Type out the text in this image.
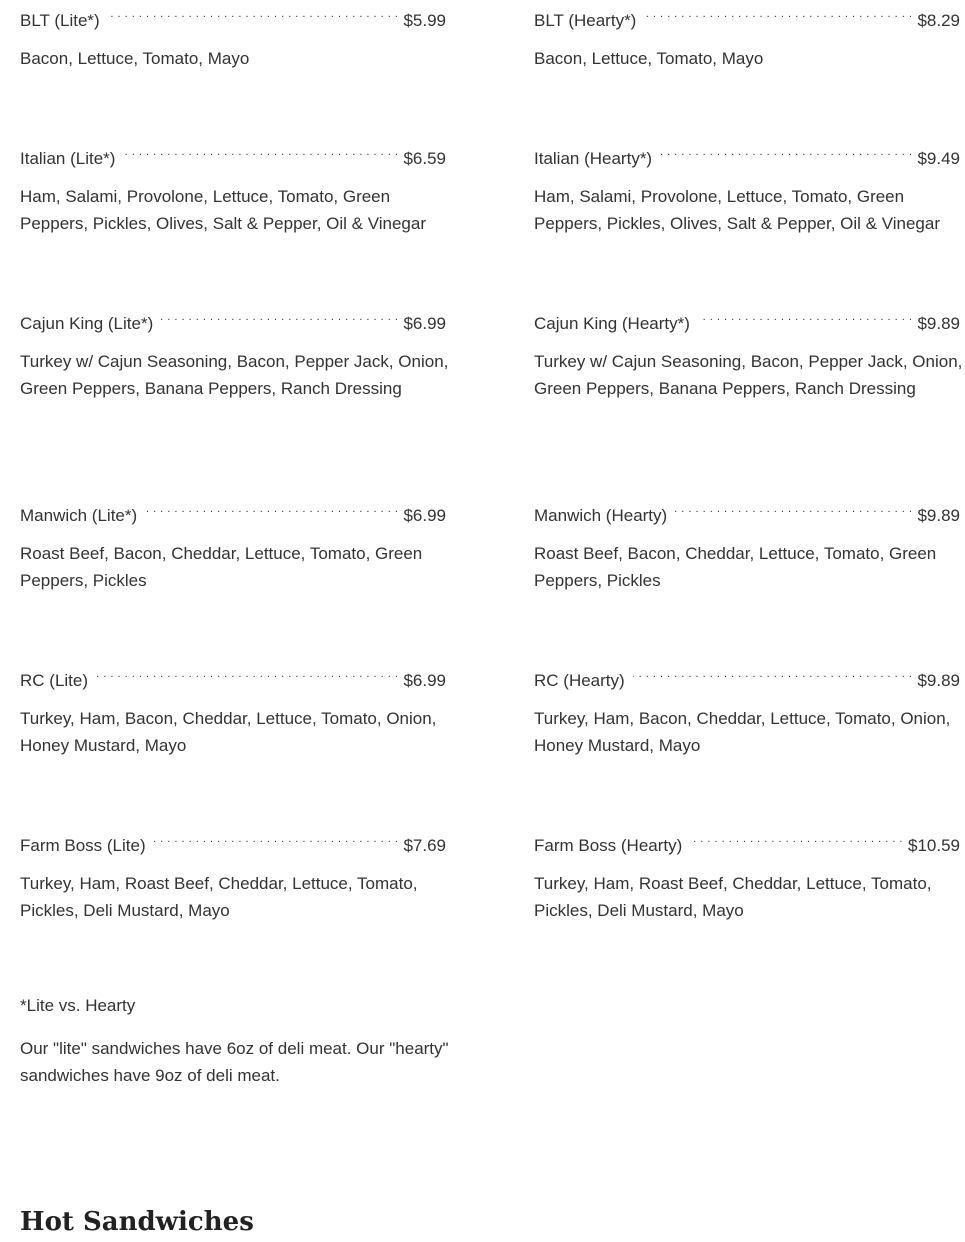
BLT (Lite*) . . .	$5.99
Bacon, Lettuce, Tomato, Mayo
Italian (Lite*) . . .	$6.59
Ham, Salami, Provolone, Lettuce, Tomato, Green Peppers, Pickles, Olives, Salt & Pepper, Oil & Vinegar
Cajun King (Lite*) . . .	$6.99
Turkey w/ Cajun Seasoning, Bacon, Pepper Jack, Onion, Green Peppers, Banana Peppers, Ranch Dressing
Manwich (Lite*) . . .	$6.99
Roast Beef, Bacon, Cheddar, Lettuce, Tomato, Green Peppers, Pickles
RC (Lite) . . .	$6.99
Turkey, Ham, Bacon, Cheddar, Lettuce, Tomato, Onion, Honey Mustard, Mayo
Farm Boss (Lite) . . .	$7.69
Turkey, Ham, Roast Beef, Cheddar, Lettuce, Tomato, Pickles, Deli Mustard, Mayo
BLT (Hearty*) . . .	$8.29
Bacon, Lettuce, Tomato, Mayo
Italian (Hearty*) . . .	$9.49
Ham, Salami, Provolone, Lettuce, Tomato, Green Peppers, Pickles, Olives, Salt & Pepper, Oil & Vinegar
Cajun King (Hearty*) . . .	$9.89
Turkey w/ Cajun Seasoning, Bacon, Pepper Jack, Onion, Green Peppers, Banana Peppers, Ranch Dressing
Manwich (Hearty) . . .	$9.89
Roast Beef, Bacon, Cheddar, Lettuce, Tomato, Green Peppers, Pickles
RC (Hearty) . . .	$9.89
Turkey, Ham, Bacon, Cheddar, Lettuce, Tomato, Onion, Honey Mustard, Mayo
Farm Boss (Hearty) . . .	$10.59
Turkey, Ham, Roast Beef, Cheddar, Lettuce, Tomato, Pickles, Deli Mustard, Mayo
*Lite vs. Hearty
Our "lite" sandwiches have 6oz of deli meat. Our "hearty" sandwiches have 9oz of deli meat.
Hot Sandwiches
